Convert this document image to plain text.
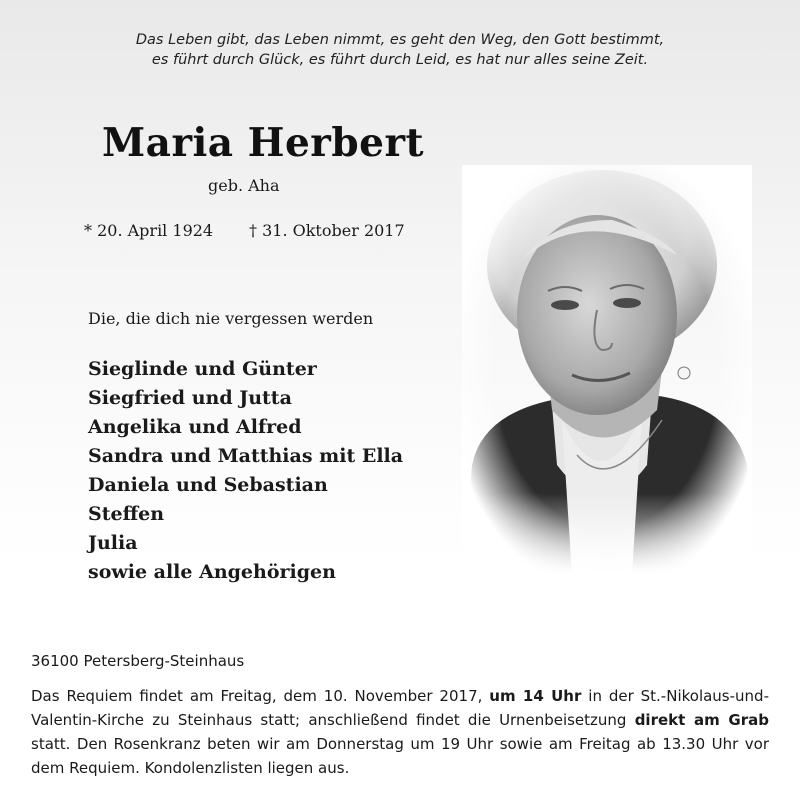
Das Leben gibt, das Leben nimmt, es geht den Weg, den Gott bestimmt,
es führt durch Glück, es führt durch Leid, es hat nur alles seine Zeit.
Maria Herbert
geb. Aha
* 20. April 1924 † 31. Oktober 2017
Die, die dich nie vergessen werden
Sieglinde und Günter
Siegfried und Jutta
Angelika und Alfred
Sandra und Matthias mit Ella
Daniela und Sebastian
Steffen
Julia
sowie alle Angehörigen
36100 Petersberg-Steinhaus
Das Requiem findet am Freitag, dem 10. November 2017, um 14 Uhr in der St.-Nikolaus-und-Valentin-Kirche zu Steinhaus statt; anschließend findet die Urnenbeisetzung direkt am Grab statt. Den Rosenkranz beten wir am Donnerstag um 19 Uhr sowie am Freitag ab 13.30 Uhr vor dem Requiem. Kondolenzlisten liegen aus.
